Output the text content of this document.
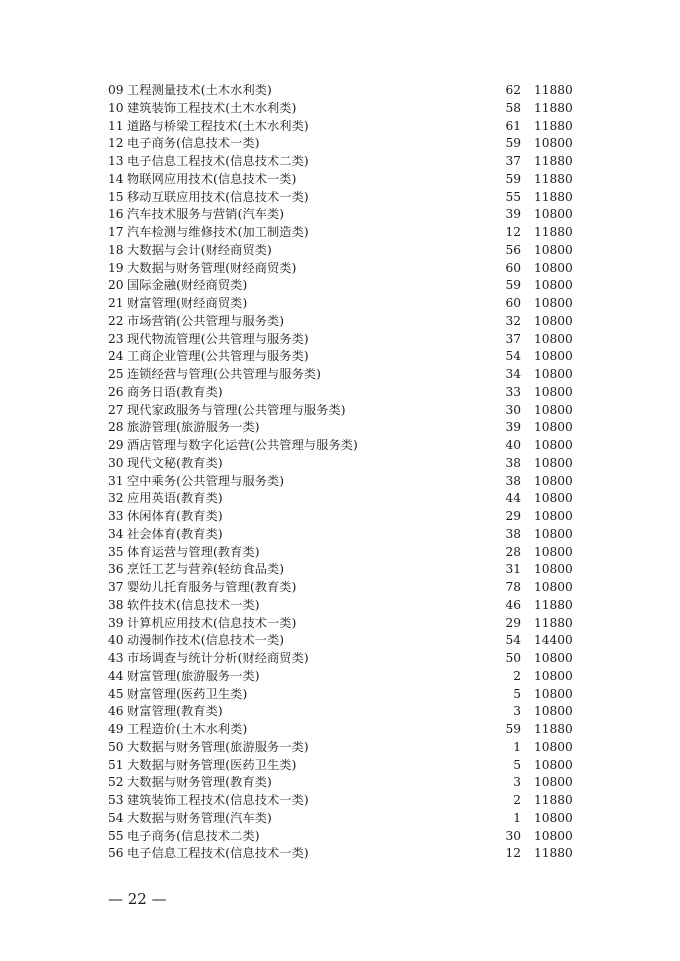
09 工程测量技术(土木水利类)	62 11880
10 建筑装饰工程技术(土木水利类)	58 11880
11 道路与桥梁工程技术(土木水利类)	61 11880
12 电子商务(信息技术一类)	59 10800
13 电子信息工程技术(信息技术二类)	37 11880
14 物联网应用技术(信息技术一类)	59 11880
15 移动互联应用技术(信息技术一类)	55 11880
16 汽车技术服务与营销(汽车类)	39 10800
17 汽车检测与维修技术(加工制造类)	12 11880
18 大数据与会计(财经商贸类)	56 10800
19 大数据与财务管理(财经商贸类)	60 10800
20 国际金融(财经商贸类)	59 10800
21 财富管理(财经商贸类)	60 10800
22 市场营销(公共管理与服务类)	32 10800
23 现代物流管理(公共管理与服务类)	37 10800
24 工商企业管理(公共管理与服务类)	54 10800
25 连锁经营与管理(公共管理与服务类)	34 10800
26 商务日语(教育类)	33 10800
27 现代家政服务与管理(公共管理与服务类)	30 10800
28 旅游管理(旅游服务一类)	39 10800
29 酒店管理与数字化运营(公共管理与服务类)	40 10800
30 现代文秘(教育类)	38 10800
31 空中乘务(公共管理与服务类)	38 10800
32 应用英语(教育类)	44 10800
33 休闲体育(教育类)	29 10800
34 社会体育(教育类)	38 10800
35 体育运营与管理(教育类)	28 10800
36 烹饪工艺与营养(轻纺食品类)	31 10800
37 婴幼儿托育服务与管理(教育类)	78 10800
38 软件技术(信息技术一类)	46 11880
39 计算机应用技术(信息技术一类)	29 11880
40 动漫制作技术(信息技术一类)	54 14400
43 市场调查与统计分析(财经商贸类)	50 10800
44 财富管理(旅游服务一类)	2 10800
45 财富管理(医药卫生类)	5 10800
46 财富管理(教育类)	3 10800
49 工程造价(土木水利类)	59 11880
50 大数据与财务管理(旅游服务一类)	1 10800
51 大数据与财务管理(医药卫生类)	5 10800
52 大数据与财务管理(教育类)	3 10800
53 建筑装饰工程技术(信息技术一类)	2 11880
54 大数据与财务管理(汽车类)	1 10800
55 电子商务(信息技术二类)	30 10800
56 电子信息工程技术(信息技术一类)	12 11880
— 22 —
